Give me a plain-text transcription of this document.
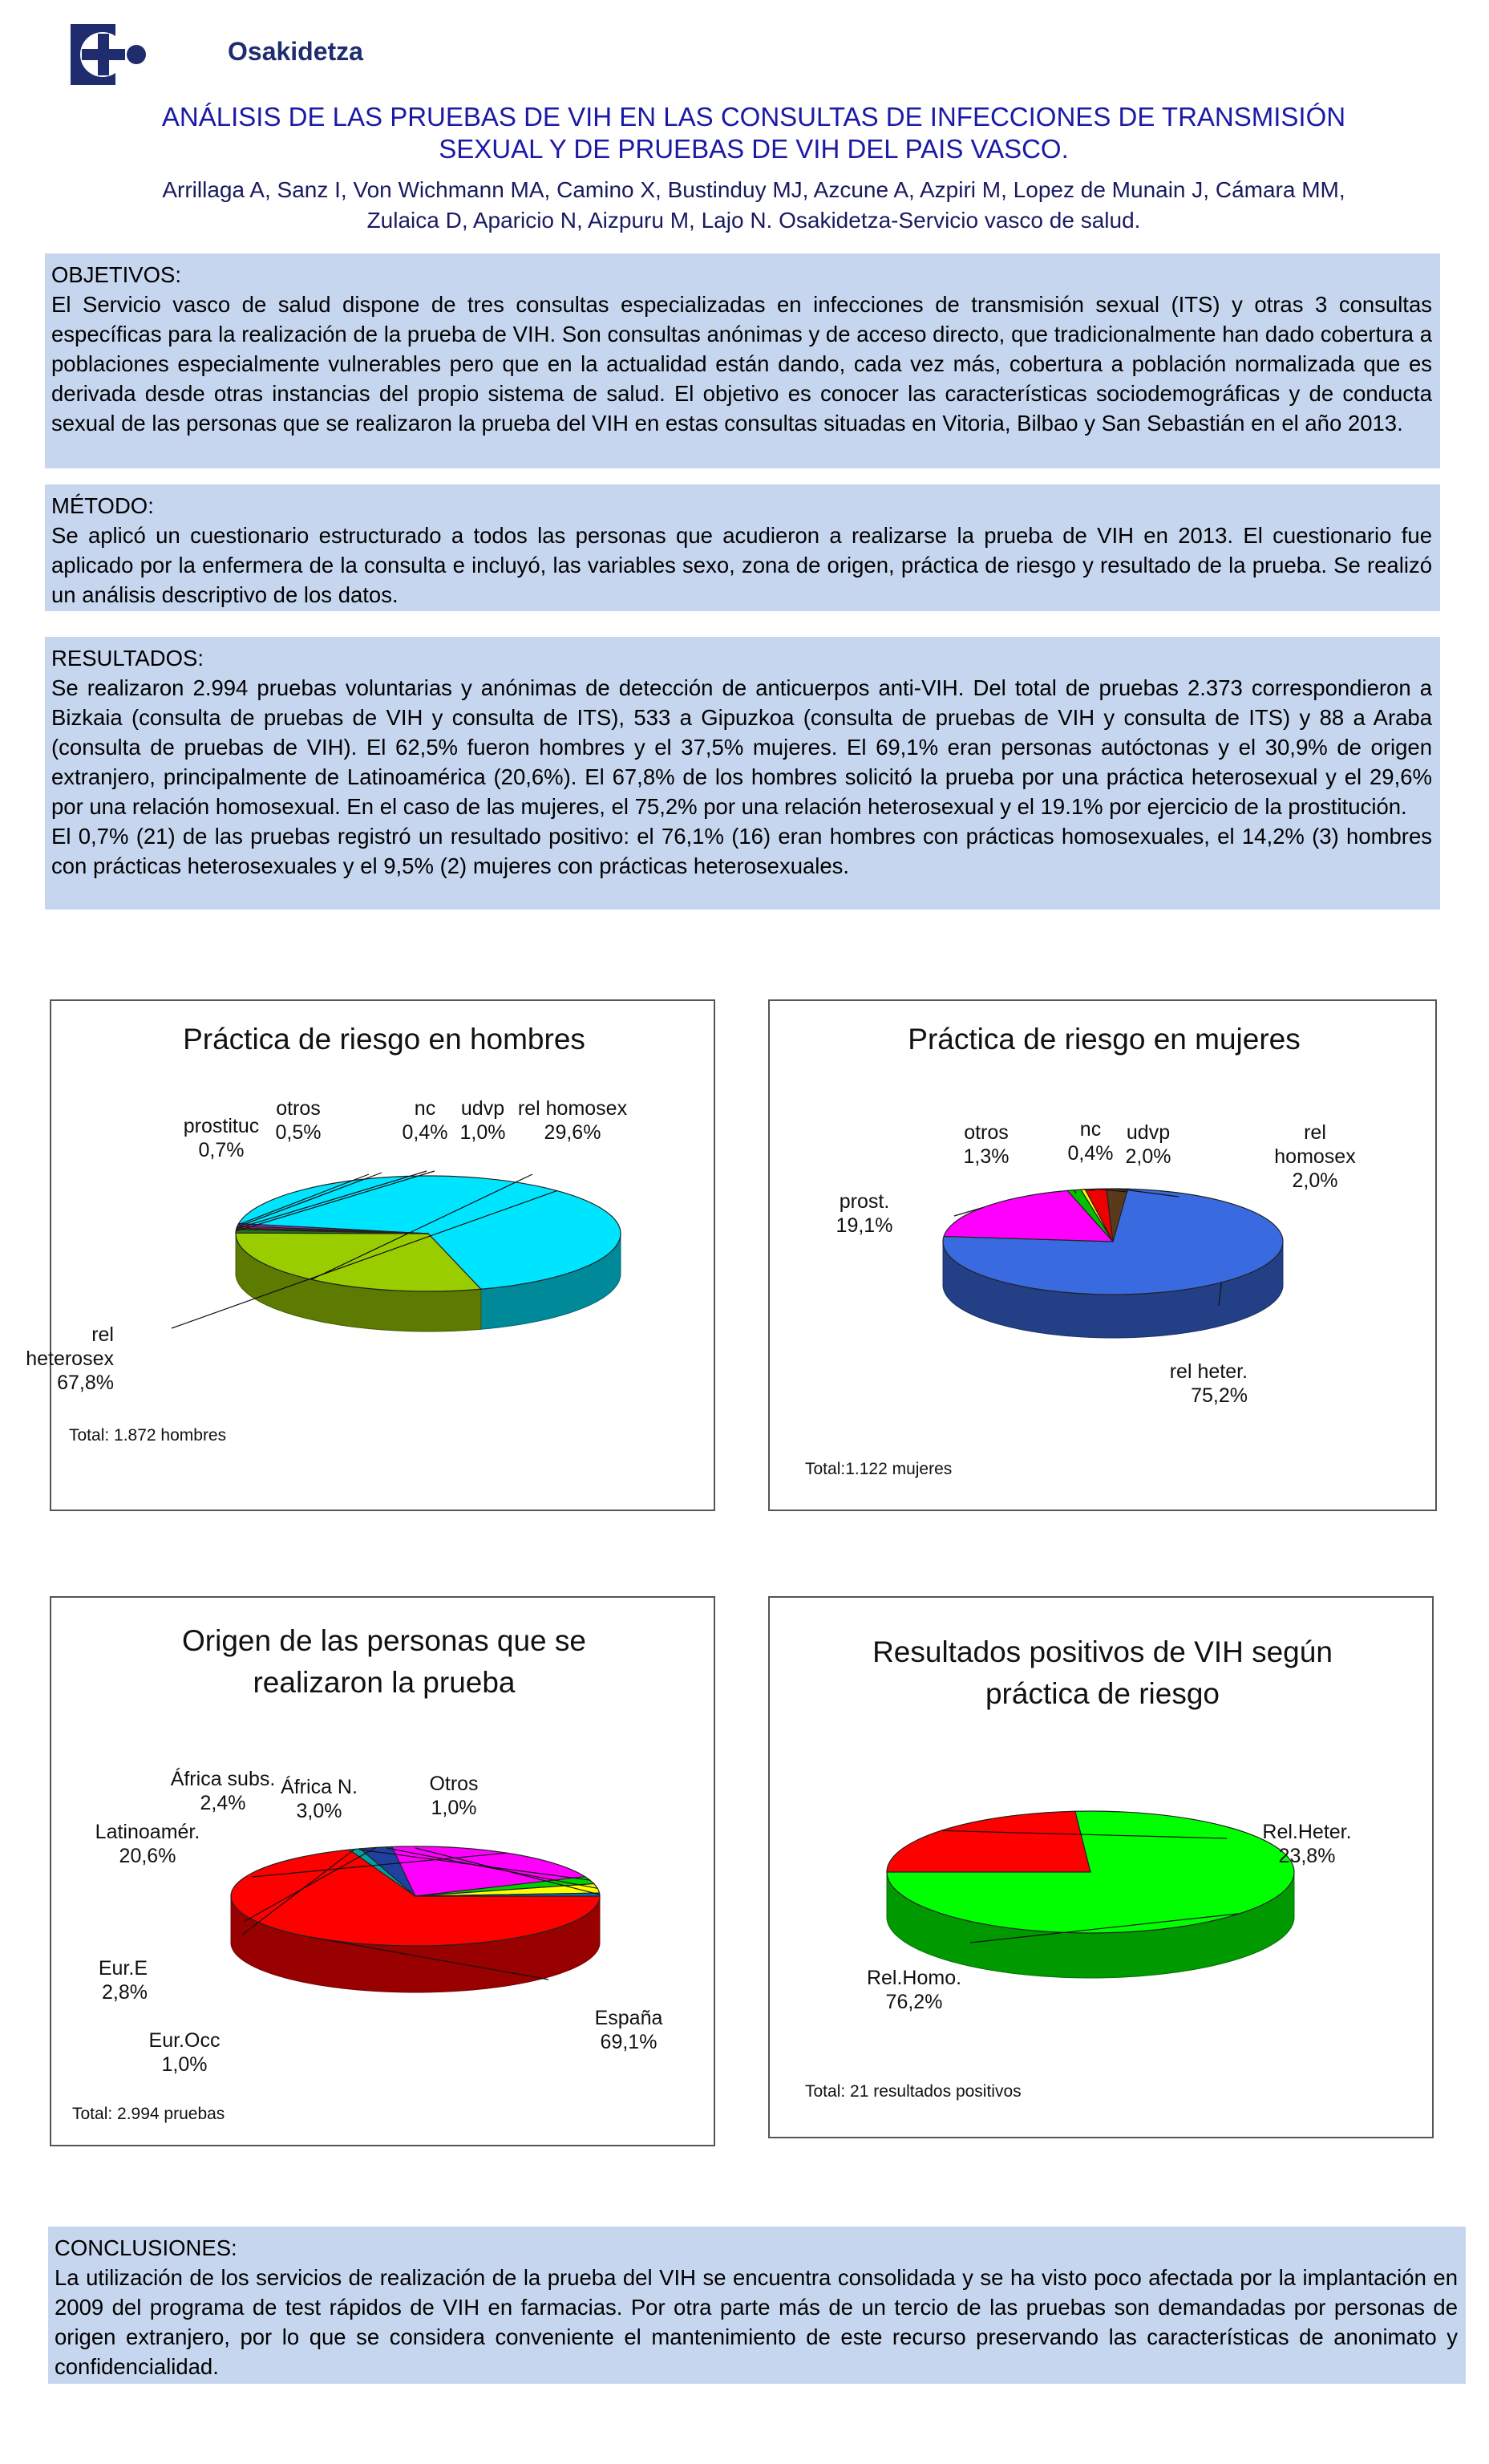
Osakidetza
ANÁLISIS DE LAS PRUEBAS DE VIH EN LAS CONSULTAS DE INFECCIONES DE TRANSMISIÓN
SEXUAL Y DE PRUEBAS DE VIH DEL PAIS VASCO.
Arrillaga A, Sanz I, Von Wichmann MA, Camino X, Bustinduy MJ, Azcune A, Azpiri M, Lopez de Munain J, Cámara MM,
Zulaica D, Aparicio N, Aizpuru M, Lajo N. Osakidetza-Servicio vasco de salud.
OBJETIVOS:

El Servicio vasco de salud dispone de tres consultas especializadas en infecciones de transmisión sexual (ITS) y otras 3 consultas específicas para la realización de la prueba de VIH. Son consultas anónimas y de acceso directo, que tradicionalmente han dado cobertura a poblaciones especialmente vulnerables pero que en la actualidad están dando, cada vez más, cobertura a población normalizada que es derivada desde otras instancias del propio sistema de salud. El objetivo es conocer las características sociodemográficas y de conducta sexual de las personas que se realizaron la prueba del VIH en estas consultas situadas en Vitoria, Bilbao y San Sebastián en el año 2013.

MÉTODO:

Se aplicó un cuestionario estructurado a todos las personas que acudieron a realizarse la prueba de VIH en 2013. El cuestionario fue aplicado por la enfermera de la consulta e incluyó, las variables sexo, zona de origen, práctica de riesgo y resultado de la prueba. Se realizó un análisis descriptivo de los datos.

RESULTADOS:

Se realizaron 2.994 pruebas voluntarias y anónimas de detección de anticuerpos anti-VIH. Del total de pruebas 2.373 correspondieron a Bizkaia (consulta de pruebas de VIH y consulta de ITS), 533 a Gipuzkoa (consulta de pruebas de VIH y consulta de ITS) y 88 a Araba (consulta de pruebas de VIH). El 62,5% fueron hombres y el 37,5% mujeres. El 69,1% eran personas autóctonas y el 30,9% de origen extranjero, principalmente de Latinoamérica (20,6%). El 67,8% de los hombres solicitó la prueba por una práctica heterosexual y el 29,6% por una relación homosexual. En el caso de las mujeres, el 75,2% por una relación heterosexual y el 19.1% por ejercicio de la prostitución.

El 0,7% (21) de las pruebas registró un resultado positivo: el 76,1% (16) eran hombres con prácticas homosexuales, el 14,2% (3) hombres con prácticas heterosexuales y el 9,5% (2) mujeres con prácticas heterosexuales.

Práctica de riesgo en hombres
rel
heterosex
67,8%
rel homosex
29,6%
udvp
1,0%
nc
0,4%
otros
0,5%
prostituc
0,7%
Total: 1.872 hombres
Práctica de riesgo en mujeres
rel heter.
75,2%
prost.
19,1%
otros
1,3%
nc
0,4%
udvp
2,0%
rel
homosex
2,0%
Total:1.122 mujeres
Origen de las personas que se
realizaron la prueba
España
69,1%
Eur.Occ
1,0%
Eur.E
2,8%
Latinoamér.
20,6%
África subs.
2,4%
África N.
3,0%
Otros
1,0%
Total: 2.994 pruebas
Resultados positivos de VIH según
práctica de riesgo
Rel.Heter.
23,8%
Rel.Homo.
76,2%
Total: 21 resultados positivos
CONCLUSIONES:

La utilización de los servicios de realización de la prueba del VIH se encuentra consolidada y se ha visto poco afectada por la implantación en 2009 del programa de test rápidos de VIH en farmacias. Por otra parte más de un tercio de las pruebas son demandadas por personas de origen extranjero, por lo que se considera conveniente el mantenimiento de este recurso preservando las características de anonimato y confidencialidad.
